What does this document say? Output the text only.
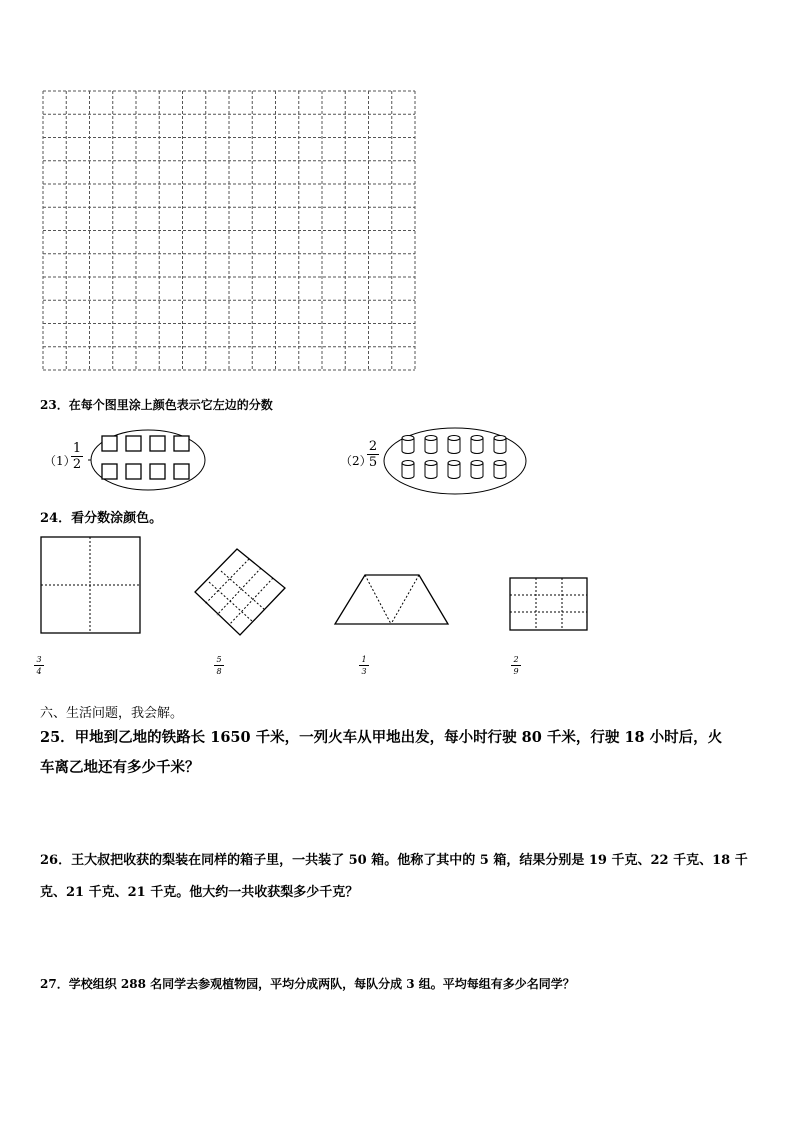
23．在每个图里涂上颜色表示它左边的分数
（1）
1
2	（2）
2
5
24．看分数涂颜色。
3
4
5
8
1
3
2
9
六、生活问题，我会解。
25．甲地到乙地的铁路长 1650 千米，一列火车从甲地出发，每小时行驶 80 千米，行驶 18 小时后，火
车离乙地还有多少千米？
26．王大叔把收获的梨装在同样的箱子里，一共装了 50 箱。他称了其中的 5 箱，结果分别是 19 千克、22 千克、18 千
克、21 千克、21 千克。他大约一共收获梨多少千克？
27．学校组织 288 名同学去参观植物园，平均分成两队，每队分成 3 组。平均每组有多少名同学？
